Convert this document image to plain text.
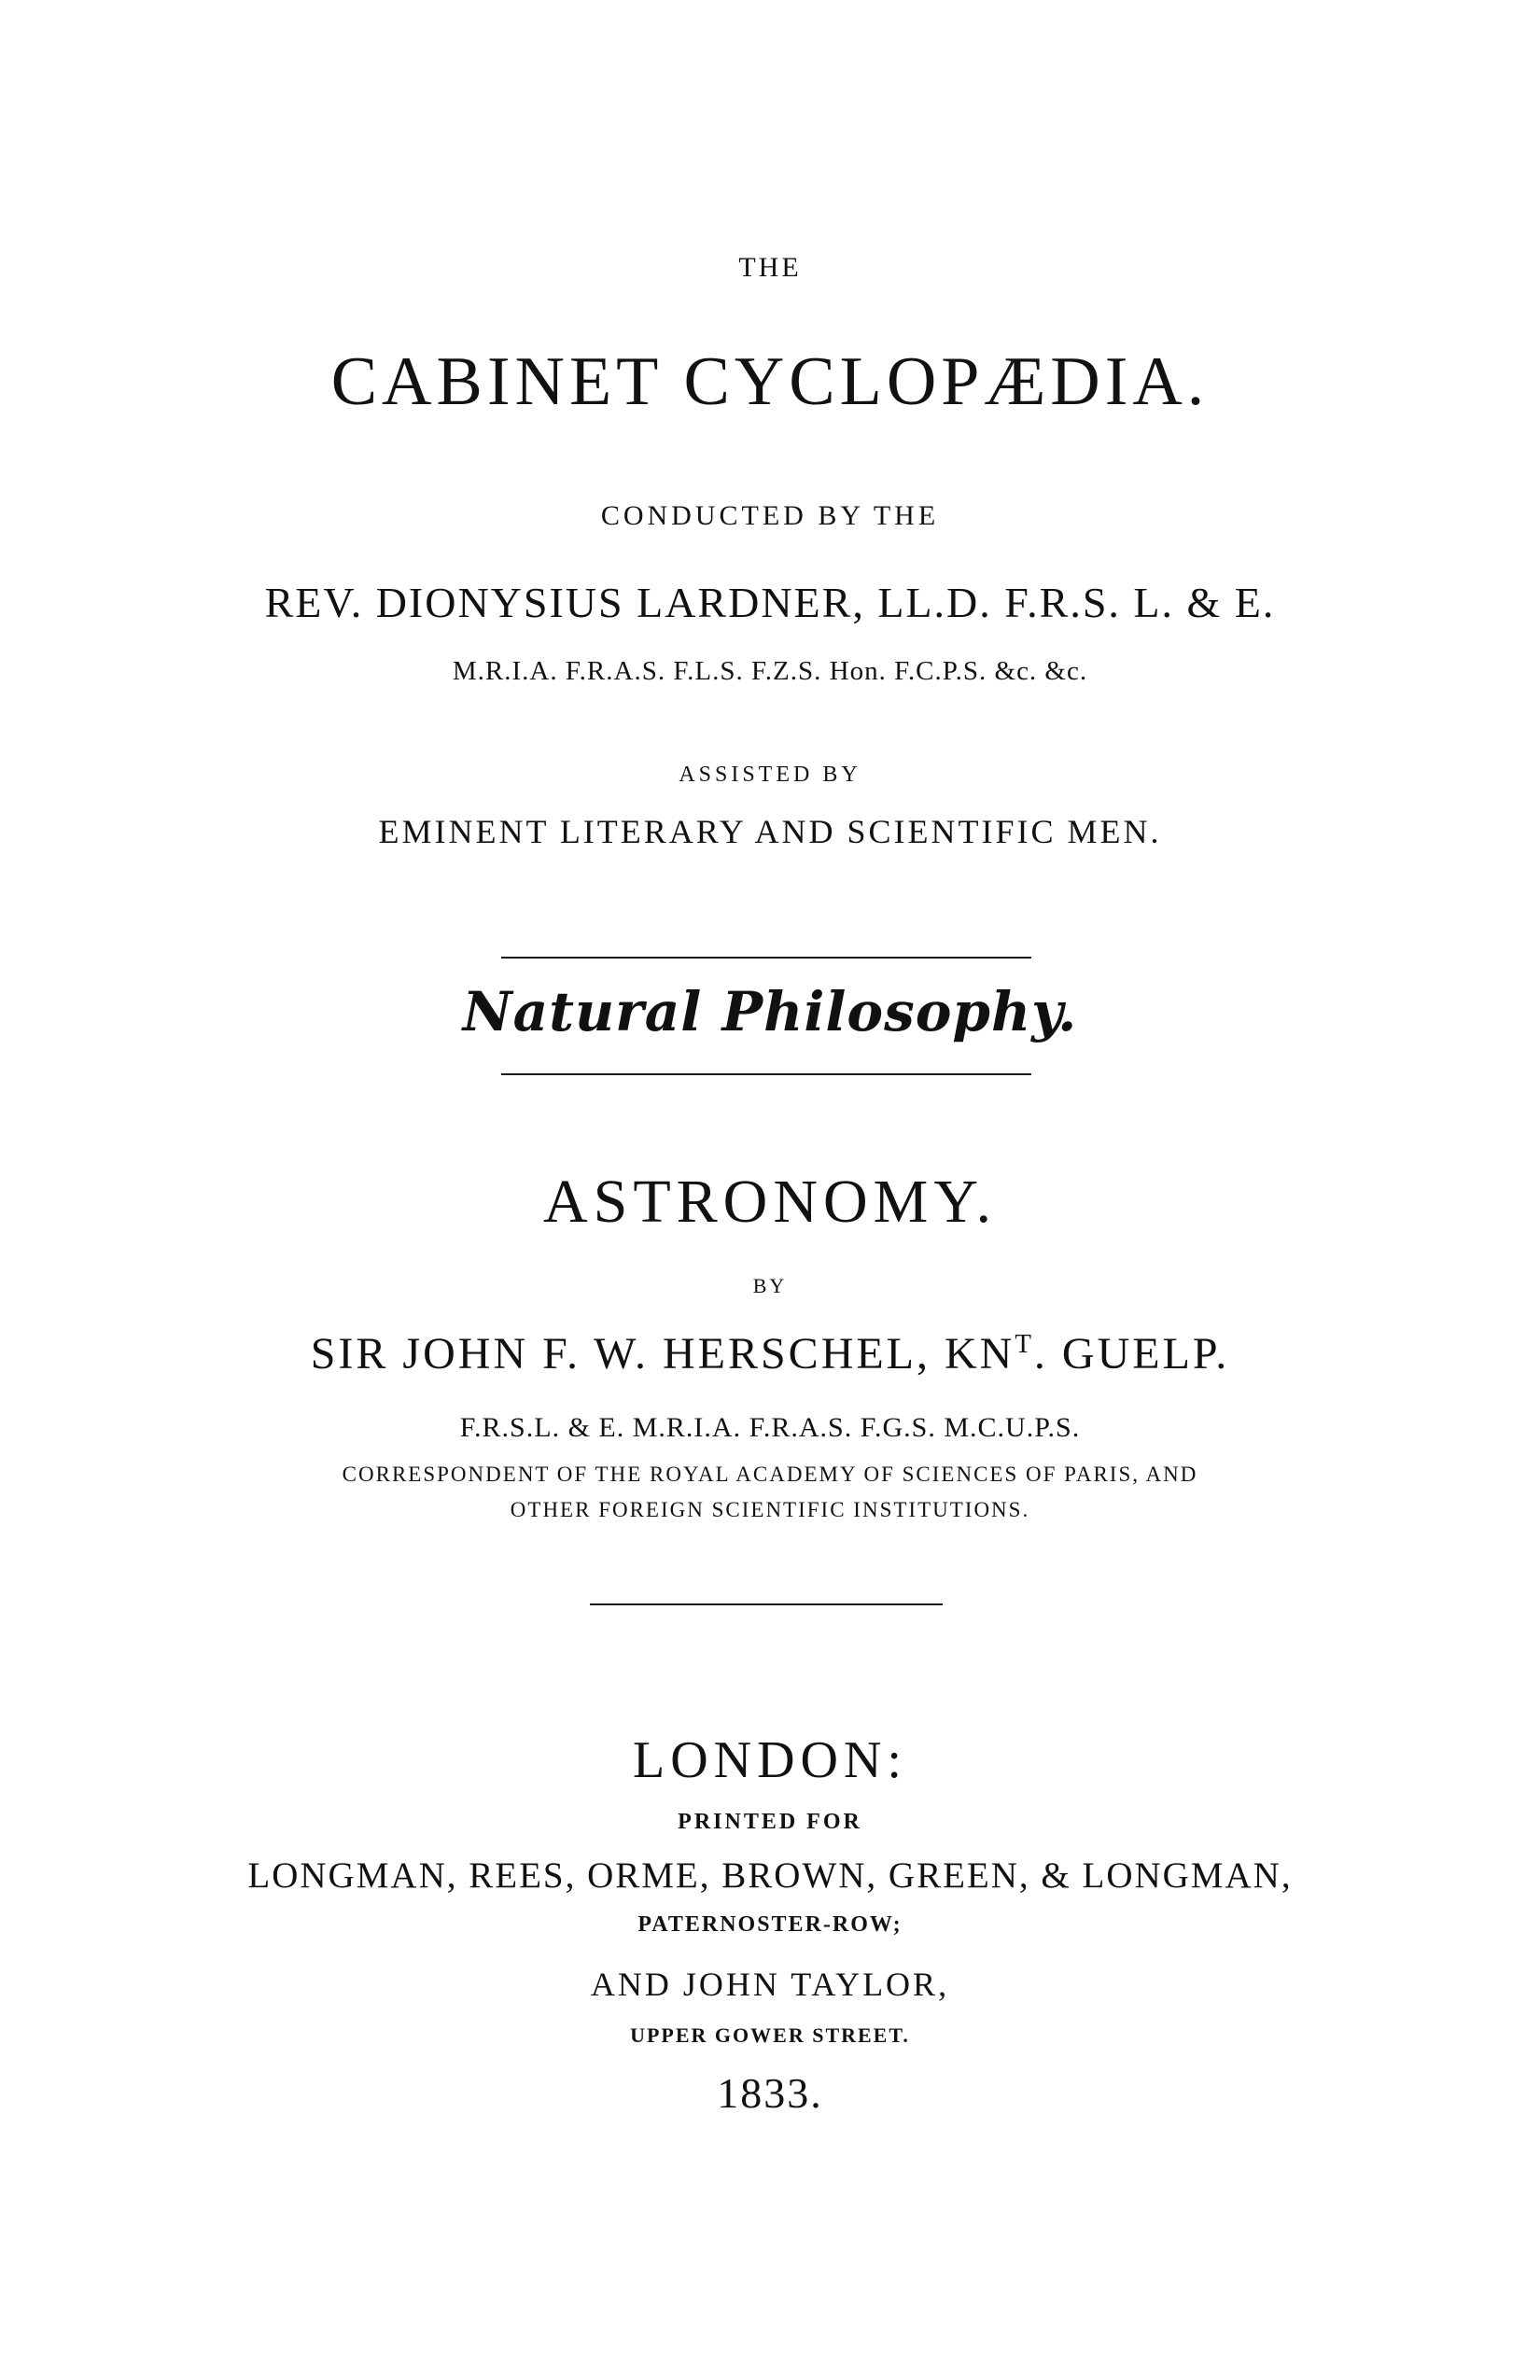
THE
CABINET CYCLOPÆDIA.
CONDUCTED BY THE
REV. DIONYSIUS LARDNER, LL.D. F.R.S. L. & E.
M.R.I.A. F.R.A.S. F.L.S. F.Z.S. Hon. F.C.P.S. &c. &c.
ASSISTED BY
EMINENT LITERARY AND SCIENTIFIC MEN.
Natural Philosophy.
ASTRONOMY.
BY
SIR JOHN F. W. HERSCHEL, $KN^T$. GUELP.
F.R.S.L. & E. M.R.I.A. F.R.A.S. F.G.S. M.C.U.P.S.
CORRESPONDENT OF THE ROYAL ACADEMY OF SCIENCES OF PARIS, AND
OTHER FOREIGN SCIENTIFIC INSTITUTIONS.
LONDON:
PRINTED FOR
LONGMAN, REES, ORME, BROWN, GREEN, & LONGMAN,
PATERNOSTER-ROW;
AND JOHN TAYLOR,
UPPER GOWER STREET.
1833.
